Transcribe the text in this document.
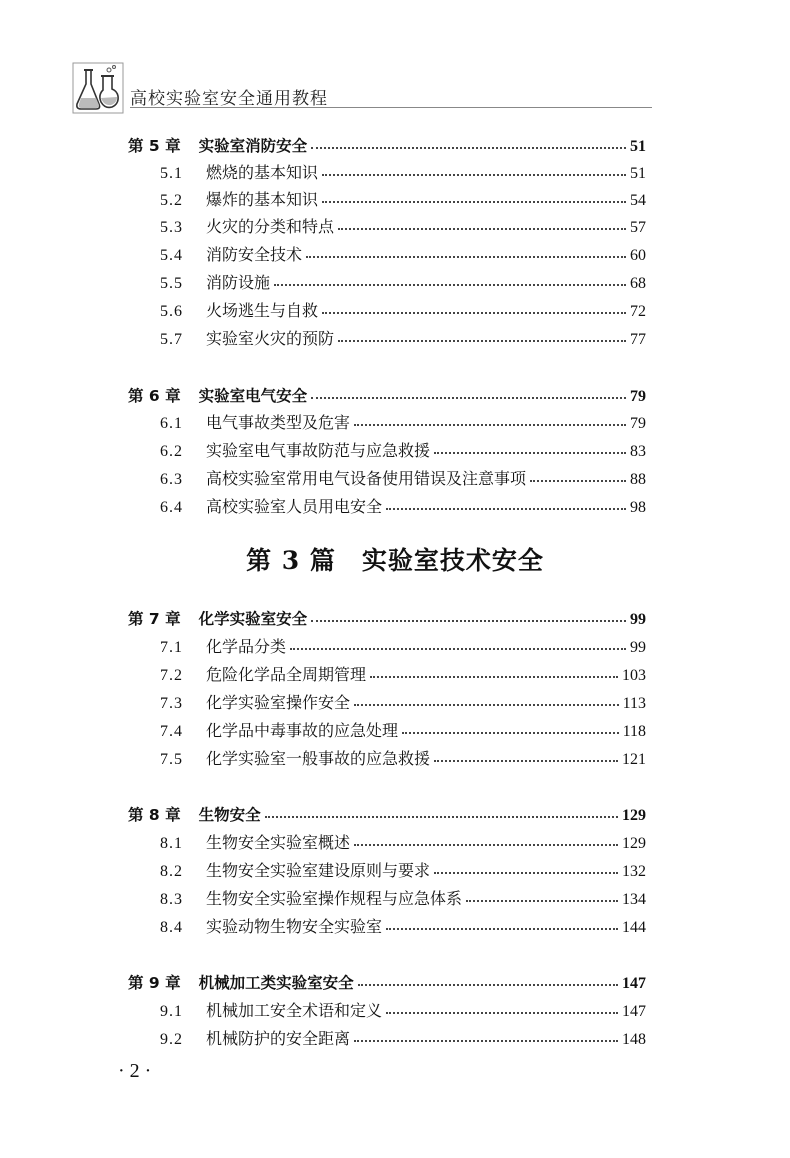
高校实验室安全通用教程
第 5 章 实验室消防安全	51
5.1 燃烧的基本知识	51
5.2 爆炸的基本知识	54
5.3 火灾的分类和特点	57
5.4 消防安全技术	60
5.5 消防设施	68
5.6 火场逃生与自救	72
5.7 实验室火灾的预防	77
第 6 章 实验室电气安全	79
6.1 电气事故类型及危害	79
6.2 实验室电气事故防范与应急救援	83
6.3 高校实验室常用电气设备使用错误及注意事项	88
6.4 高校实验室人员用电安全	98
第 3 篇 实验室技术安全
第 7 章 化学实验室安全	99
7.1 化学品分类	99
7.2 危险化学品全周期管理	103
7.3 化学实验室操作安全	113
7.4 化学品中毒事故的应急处理	118
7.5 化学实验室一般事故的应急救援	121
第 8 章 生物安全	129
8.1 生物安全实验室概述	129
8.2 生物安全实验室建设原则与要求	132
8.3 生物安全实验室操作规程与应急体系	134
8.4 实验动物生物安全实验室	144
第 9 章 机械加工类实验室安全	147
9.1 机械加工安全术语和定义	147
9.2 机械防护的安全距离	148
· 2 ·
